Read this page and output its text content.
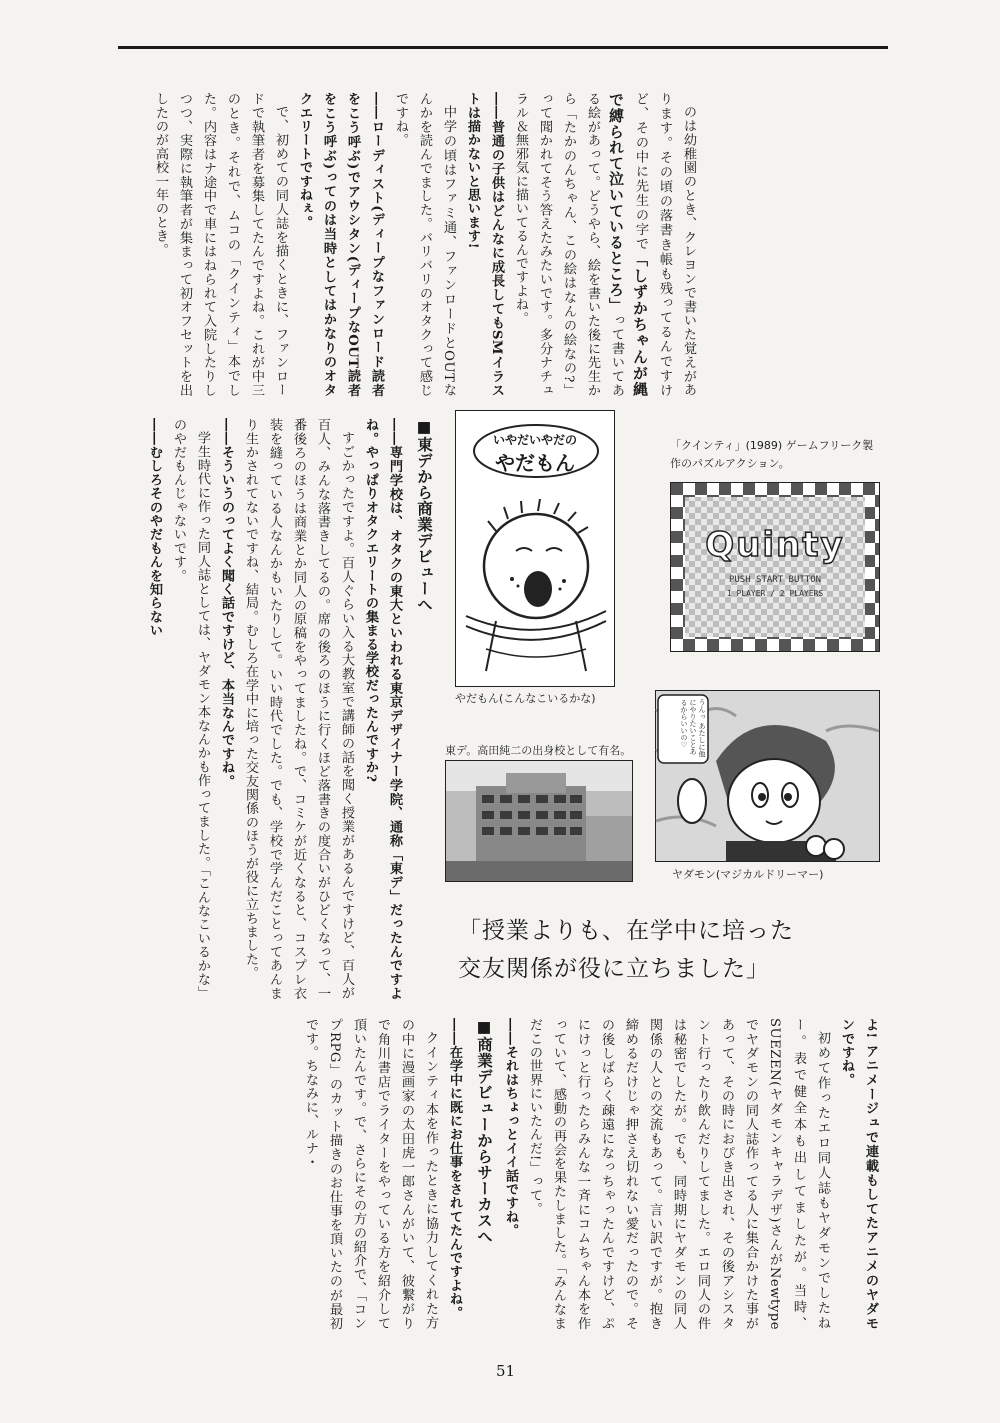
のは幼稚園のとき、クレヨンで書いた覚えがあります。その頃の落書き帳も残ってるんですけど、その中に先生の字で「しずかちゃんが縄で縛られて泣いているところ」って書いてある絵があって。どうやら、絵を書いた後に先生から「たかのんちゃん、この絵はなんの絵なの?」って聞かれてそう答えたみたいです。多分ナチュラル＆無邪気に描いてるんですよね。

――普通の子供はどんなに成長してもSMイラストは描かないと思います!

中学の頃はファミ通、ファンロードとOUTなんかを読んでました。バリバリのオタクって感じですね。

――ローディスト(ディープなファンロード読者をこう呼ぶ)でアウシタン(ディープなOUT読者をこう呼ぶ)ってのは当時としてはかなりのオタクエリートですねぇ。

で、初めての同人誌を描くときに、ファンロードで執筆者を募集してたんですよね。これが中三のとき。それで、ムコの「クインティ」本でした。内容はナ途中で車にはねられて入院したりしつつ、実際に執筆者が集まって初オフセットを出したのが高校一年のとき。

■東デから商業デビューへ

――専門学校は、オタクの東大といわれる東京デザイナー学院、通称「東デ」だったんですよね。やっぱりオタクエリートの集まる学校だったんですか?

すごかったですよ。百人ぐらい入る大教室で講師の話を聞く授業があるんですけど、百人が百人、みんな落書きしてるの。席の後ろのほうに行くほど落書きの度合いがひどくなって、一番後ろのほうは商業とか同人の原稿をやってましたね。で、コミケが近くなると、コスプレ衣装を縫っている人なんかもいたりして。いい時代でした。でも、学校で学んだことってあんまり生かされてないですね、結局。むしろ在学中に培った交友関係のほうが役に立ちました。

――そういうのってよく聞く話ですけど、本当なんですね。

学生時代に作った同人誌としては、ヤダモン本なんかも作ってました。「こんなこいるかな」のやだもんじゃないです。

――むしろそのやだもんを知らない

よ! アニメージュで連載もしてたアニメのヤダモンですね。

初めて作ったエロ同人誌もヤダモンでしたねー。表で健全本も出してましたが。当時、SUEZEN(ヤダモンキャラデザ)さんがNewtypeでヤダモンの同人誌作ってる人に集合かけた事があって、その時におぴき出され、その後アシスタント行ったり飲んだりしてました。エロ同人の件は秘密でしたが。でも、同時期にヤダモンの同人関係の人との交流もあって。言い訳ですが。抱き締めるだけじゃ押さえ切れない愛だったので。その後しばらく疎遠になっちゃったんですけど、ぷにけっと行ったらみんな一斉にコムちゃん本を作っていて、感動の再会を果たしました。「みんなまだこの世界にいたんだ!」って。

――それはちょっとイイ話ですね。

■商業デビューからサーカスへ

――在学中に既にお仕事をされてたんですよね。

クインティ本を作ったときに協力してくれた方の中に漫画家の太田虎一郎さんがいて、彼繋がりで角川書店でライターをやっている方を紹介して頂いたんです。で、さらにその方の紹介で、「コンプRPG」のカット描きのお仕事を頂いたのが最初です。ちなみに、ルナ・

「クインティ」(1989) ゲームフリーク製作のパズルアクション。
Quinty
PUSH START BUTTON
1 PLAYER / 2 PLAYERS
いやだいやだの
やだもん
やだもん(こんなこいるかな)
うんっ あたしに他にやりたいことあるからいいの♡
ヤダモン(マジカルドリーマー)
東デ。高田純二の出身校として有名。
「授業よりも、在学中に培った
交友関係が役に立ちました」
51
